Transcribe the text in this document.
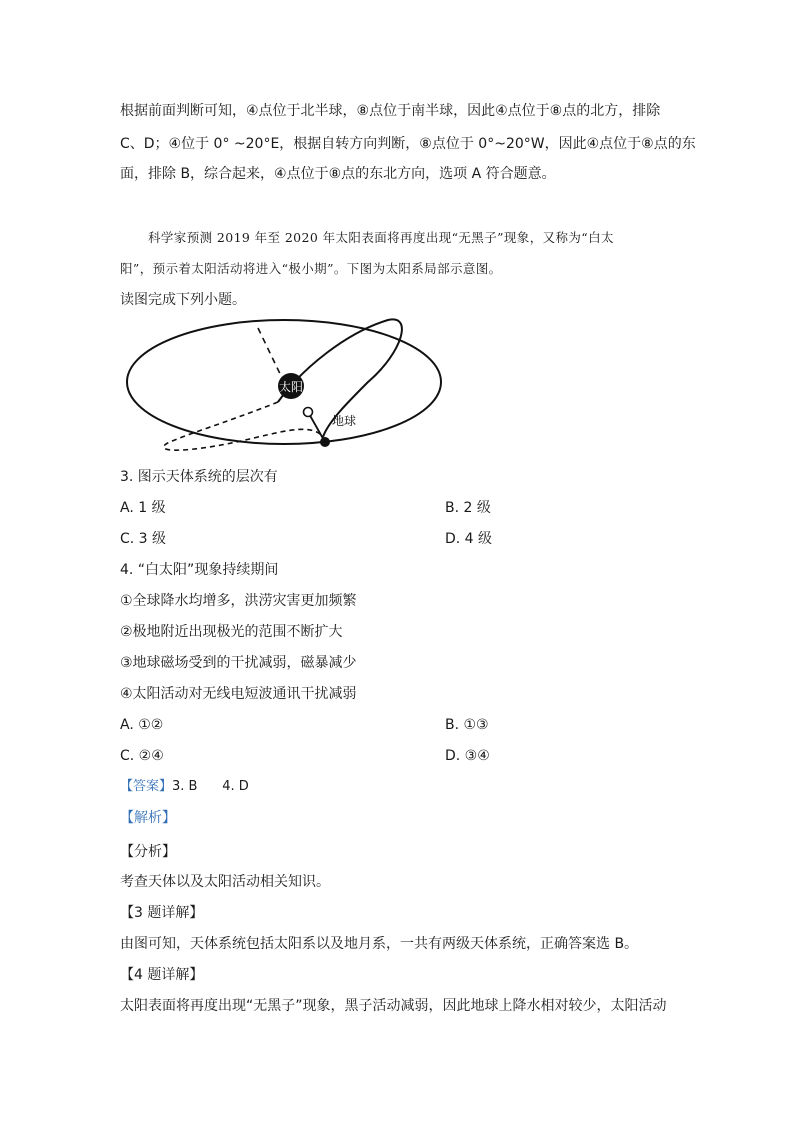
根据前面判断可知，④点位于北半球，⑧点位于南半球，因此④点位于⑧点的北方，排除
C、D；④位于 0° ~20°E，根据自转方向判断，⑧点位于 0°~20°W，因此④点位于⑧点的东
面，排除 B，综合起来，④点位于⑧点的东北方向，选项 A 符合题意。
科学家预测 2019 年至 2020 年太阳表面将再度出现“无黑子”现象，又称为“白太
阳”，预示着太阳活动将进入“极小期”。下图为太阳系局部示意图。
读图完成下列小题。
太阳
地球
3. 图示天体系统的层次有
A. 1 级	B. 2 级
C. 3 级	D. 4 级
4. “白太阳”现象持续期间
①全球降水均增多，洪涝灾害更加频繁
②极地附近出现极光的范围不断扩大
③地球磁场受到的干扰减弱，磁暴减少
④太阳活动对无线电短波通讯干扰减弱
A. ①②	B. ①③
C. ②④	D. ③④
【答案】3. B      4. D
【解析】
【分析】
考查天体以及太阳活动相关知识。
【3 题详解】
由图可知，天体系统包括太阳系以及地月系，一共有两级天体系统，正确答案选 B。
【4 题详解】
太阳表面将再度出现“无黑子”现象，黑子活动减弱，因此地球上降水相对较少，太阳活动
